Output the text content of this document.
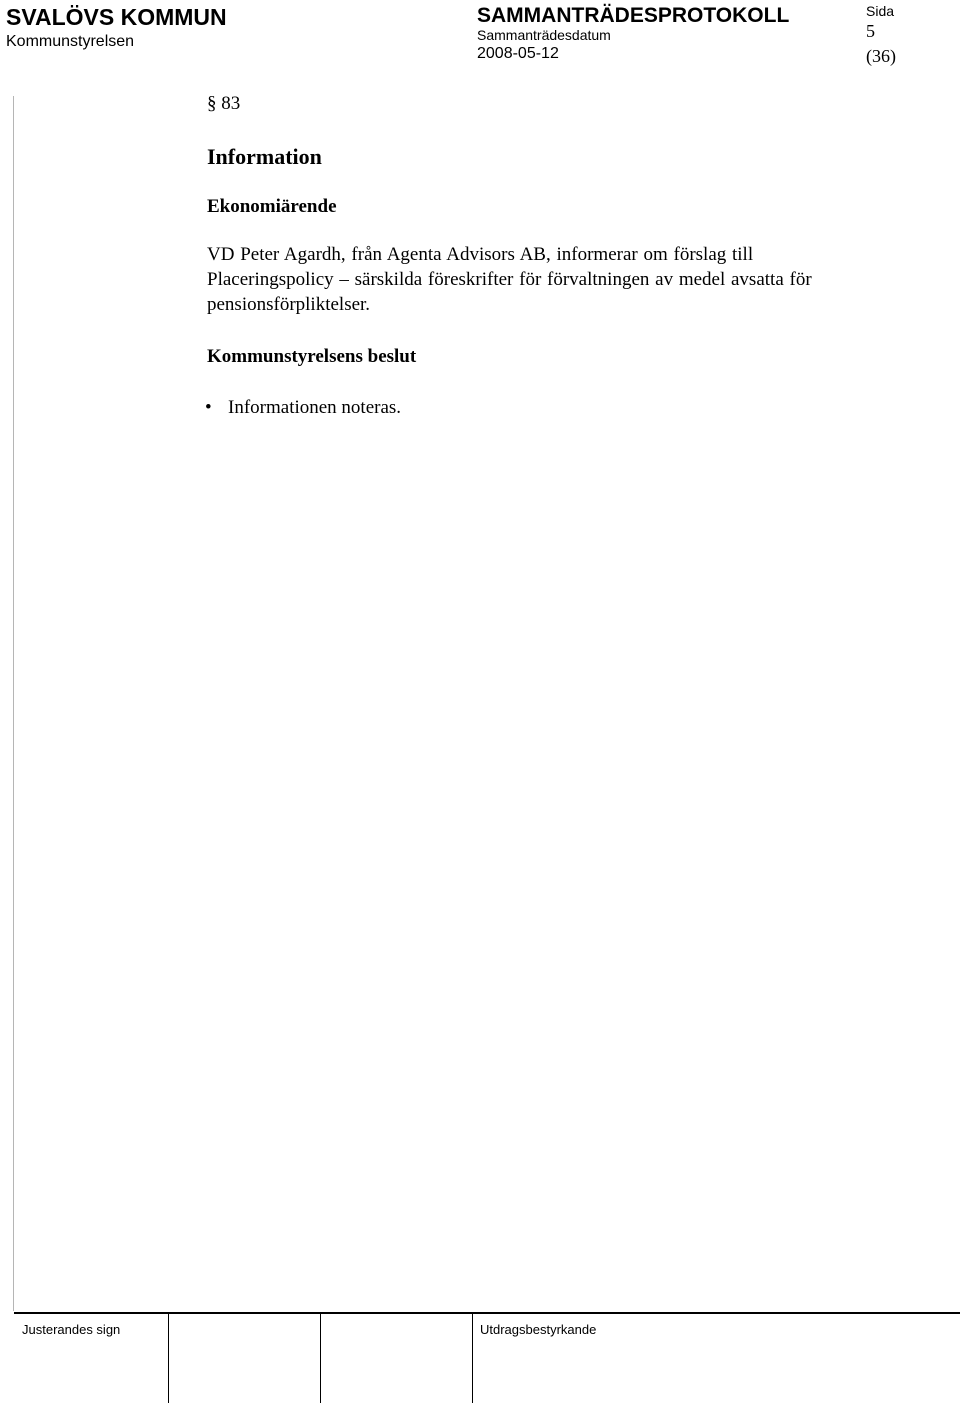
SVALÖVS KOMMUN
Kommunstyrelsen
SAMMANTRÄDESPROTOKOLL
Sammanträdesdatum
2008-05-12
Sida
5
(36)
§ 83
Information
Ekonomiärende
VD Peter Agardh, från Agenta Advisors AB, informerar om förslag till
Placeringspolicy – särskilda föreskrifter för förvaltningen av medel avsatta för
pensionsförpliktelser.
Kommunstyrelsens beslut
• Informationen noteras.
Justerandes sign	Utdragsbestyrkande
